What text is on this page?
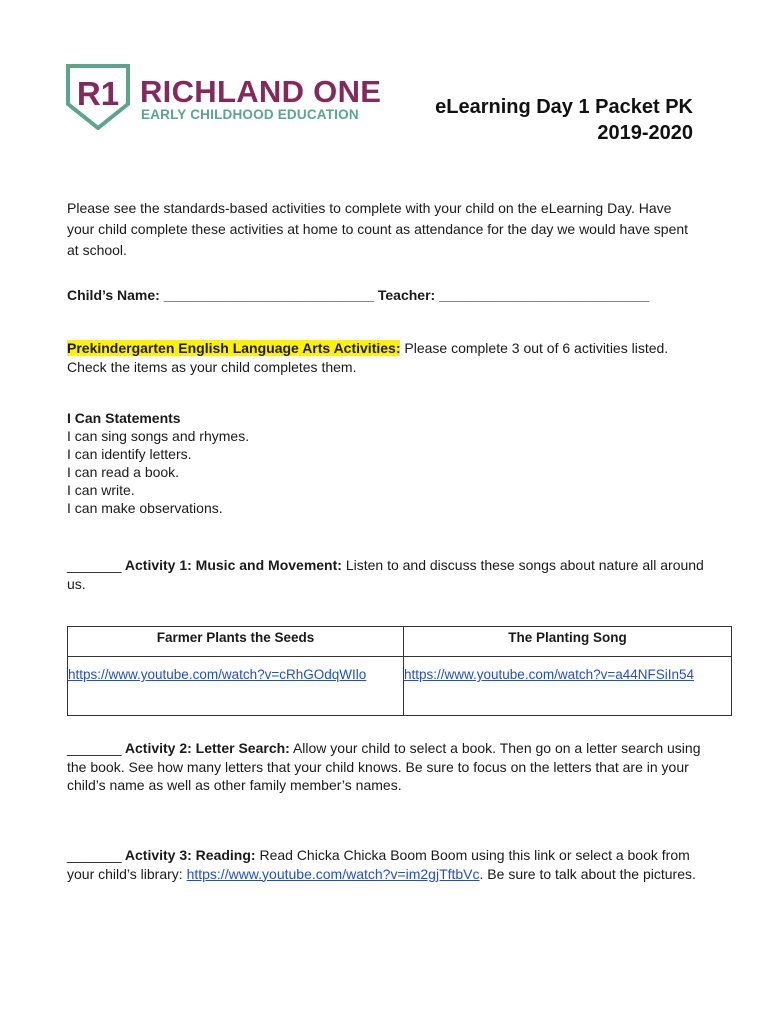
R1 RICHLAND ONE
EARLY CHILDHOOD EDUCATION	eLearning Day 1 Packet PK
2019-2020
Please see the standards-based activities to complete with your child on the eLearning Day. Have your child complete these activities at home to count as attendance for the day we would have spent at school.
Child’s Name: ___________________________ Teacher: ___________________________
Prekindergarten English Language Arts Activities: Please complete 3 out of 6 activities listed. Check the items as your child completes them.
I Can Statements
I can sing songs and rhymes.
I can identify letters.
I can read a book.
I can write.
I can make observations.
_______ Activity 1: Music and Movement: Listen to and discuss these songs about nature all around us.
Farmer Plants the Seeds	The Planting Song
https://www.youtube.com/watch?v=cRhGOdqWIlo	https://www.youtube.com/watch?v=a44NFSiIn54
_______ Activity 2: Letter Search: Allow your child to select a book. Then go on a letter search using the book. See how many letters that your child knows. Be sure to focus on the letters that are in your child’s name as well as other family member’s names.
_______ Activity 3: Reading: Read Chicka Chicka Boom Boom using this link or select a book from your child’s library: https://www.youtube.com/watch?v=im2gjTftbVc. Be sure to talk about the pictures.
